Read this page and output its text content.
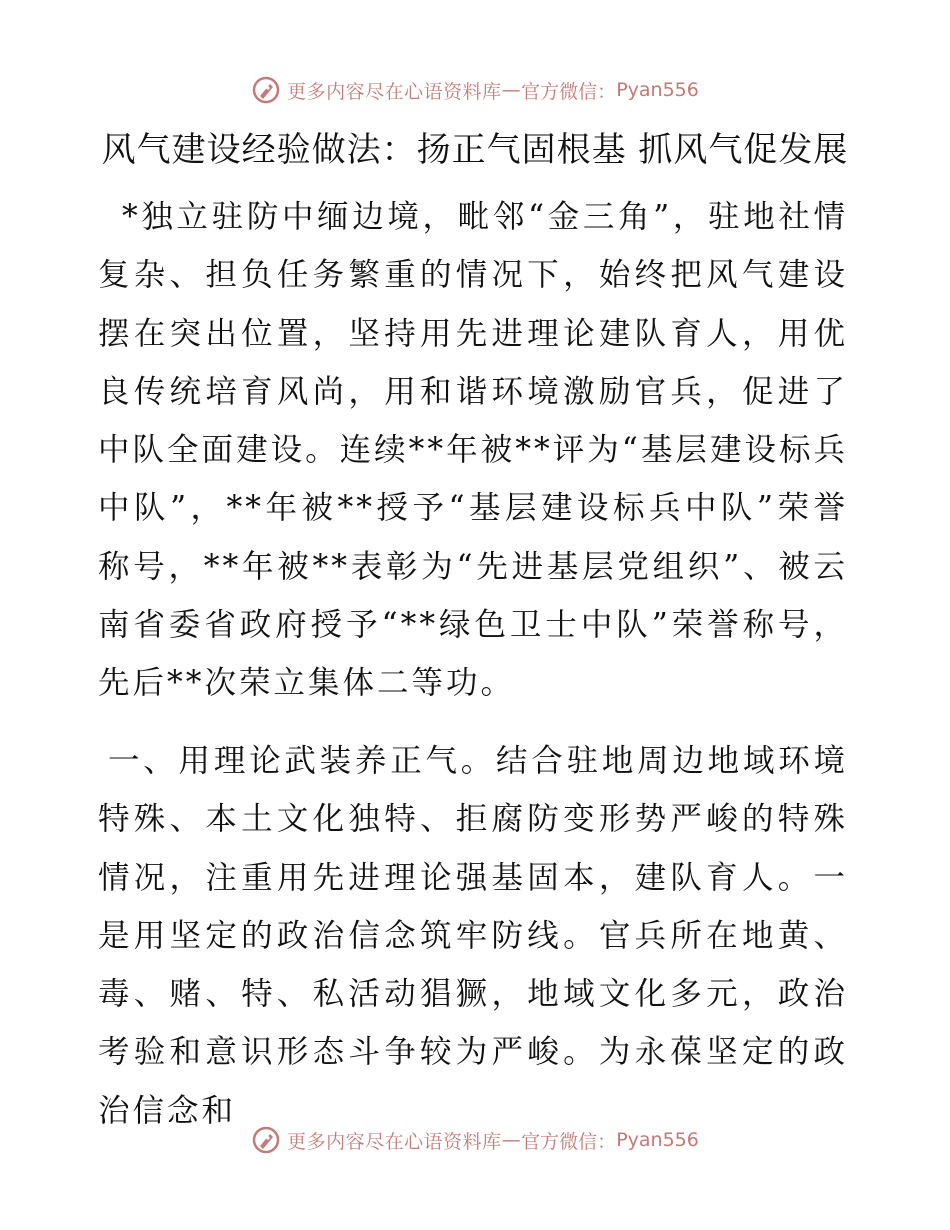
更多内容尽在心语资料库 — 官方微信： Pyan556
风气建设经验做法：扬正气固根基 抓风气促发展

*独立驻防中缅边境，毗邻“金三角”，驻地社情复杂、担负任务繁重的情况下，始终把风气建设摆在突出位置，坚持用先进理论建队育人，用优良传统培育风尚，用和谐环境激励官兵，促进了中队全面建设。连续**年被**评为“基层建设标兵中队”，**年被**授予“基层建设标兵中队”荣誉称号，**年被**表彰为“先进基层党组织”、被云南省委省政府授予“**绿色卫士中队”荣誉称号，先后**次荣立集体二等功。

一、用理论武装养正气。结合驻地周边地域环境特殊、本土文化独特、拒腐防变形势严峻的特殊情况，注重用先进理论强基固本，建队育人。一是用坚定的政治信念筑牢防线。官兵所在地黄、毒、赌、特、私活动猖獗，地域文化多元，政治考验和意识形态斗争较为严峻。为永葆坚定的政治信念和

更多内容尽在心语资料库 — 官方微信： Pyan556
